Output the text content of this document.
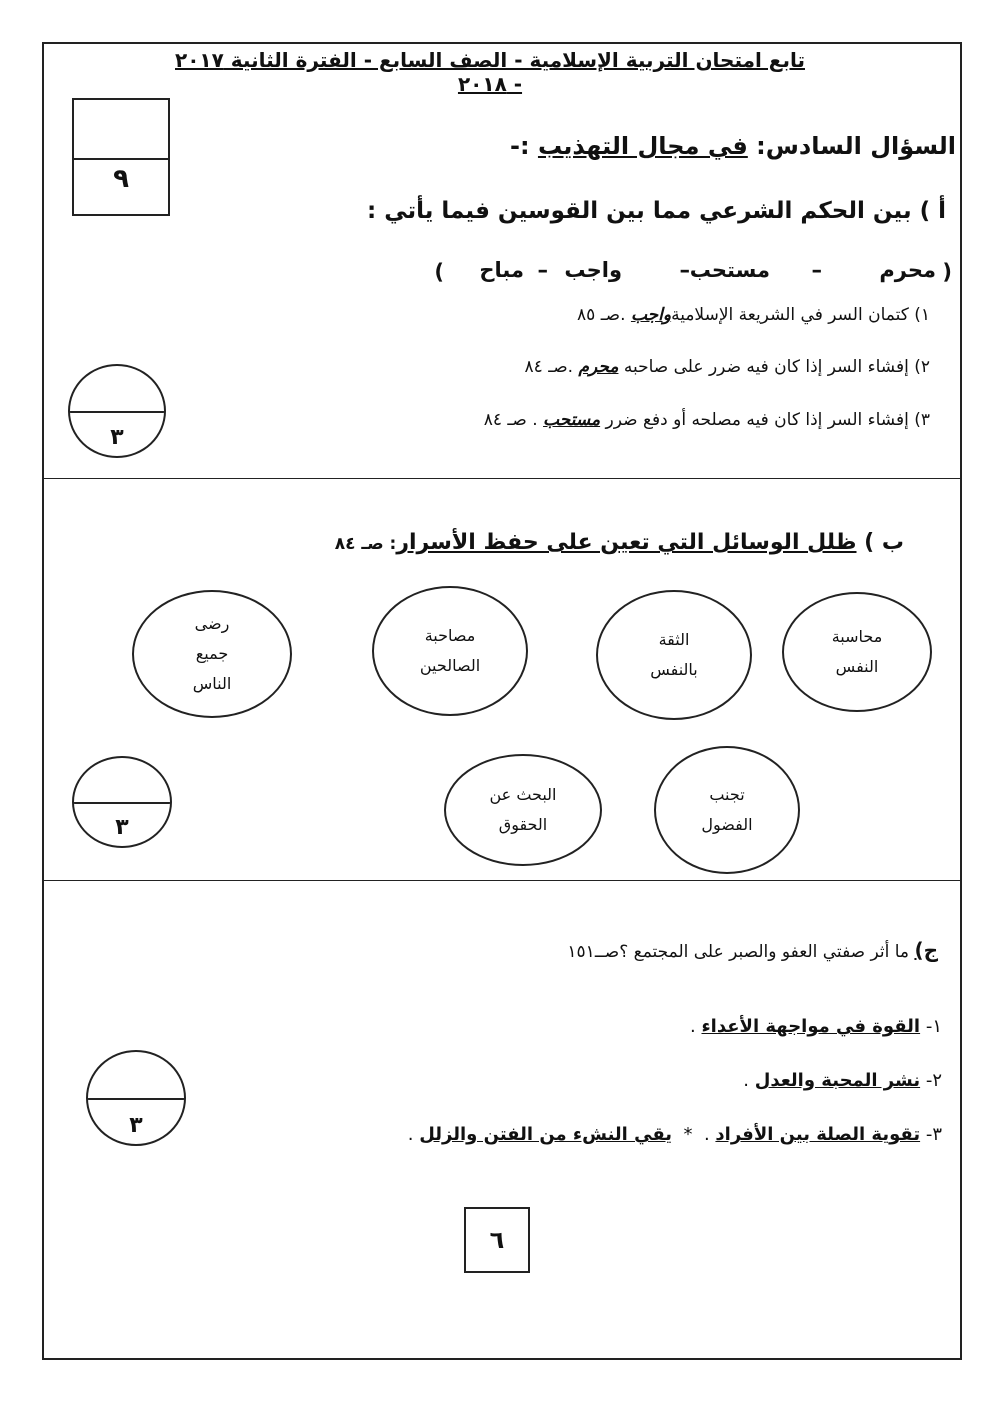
تابع امتحان التربية الإسلامية - الصف السابع - الفترة الثانية ٢٠١٧ - ٢٠١٨
٩
السؤال السادس: في مجال التهذيب :-
أ ) بين الحكم الشرعي مما بين القوسين فيما يأتي :
(
محرم
–
مستحب
–
واجب
–
مباح
)
١) كتمان السر في الشريعة الإسلاميةواجب .صـ ٨٥
٢) إفشاء السر إذا كان فيه ضرر على صاحبه محرم .صـ ٨٤
٣) إفشاء السر إذا كان فيه مصلحه أو دفع ضرر مستحب . صـ ٨٤
٣
ب ) ظلل الوسائل التي تعين على حفظ الأسرار: صـ ٨٤
محاسبة
النفس
الثقة
بالنفس
مصاحبة
الصالحين
رضى
جميع
الناس
تجنب
الفضول
البحث عن
الحقوق
٣
ج) ما أثر صفتي العفو والصبر على المجتمع ؟صــ١٥١
١- القوة في مواجهة الأعداء .
٢- نشر المحبة والعدل .
٣- تقوية الصلة بين الأفراد .  *  يقي النشء من الفتن والزلل .
٣
٦
